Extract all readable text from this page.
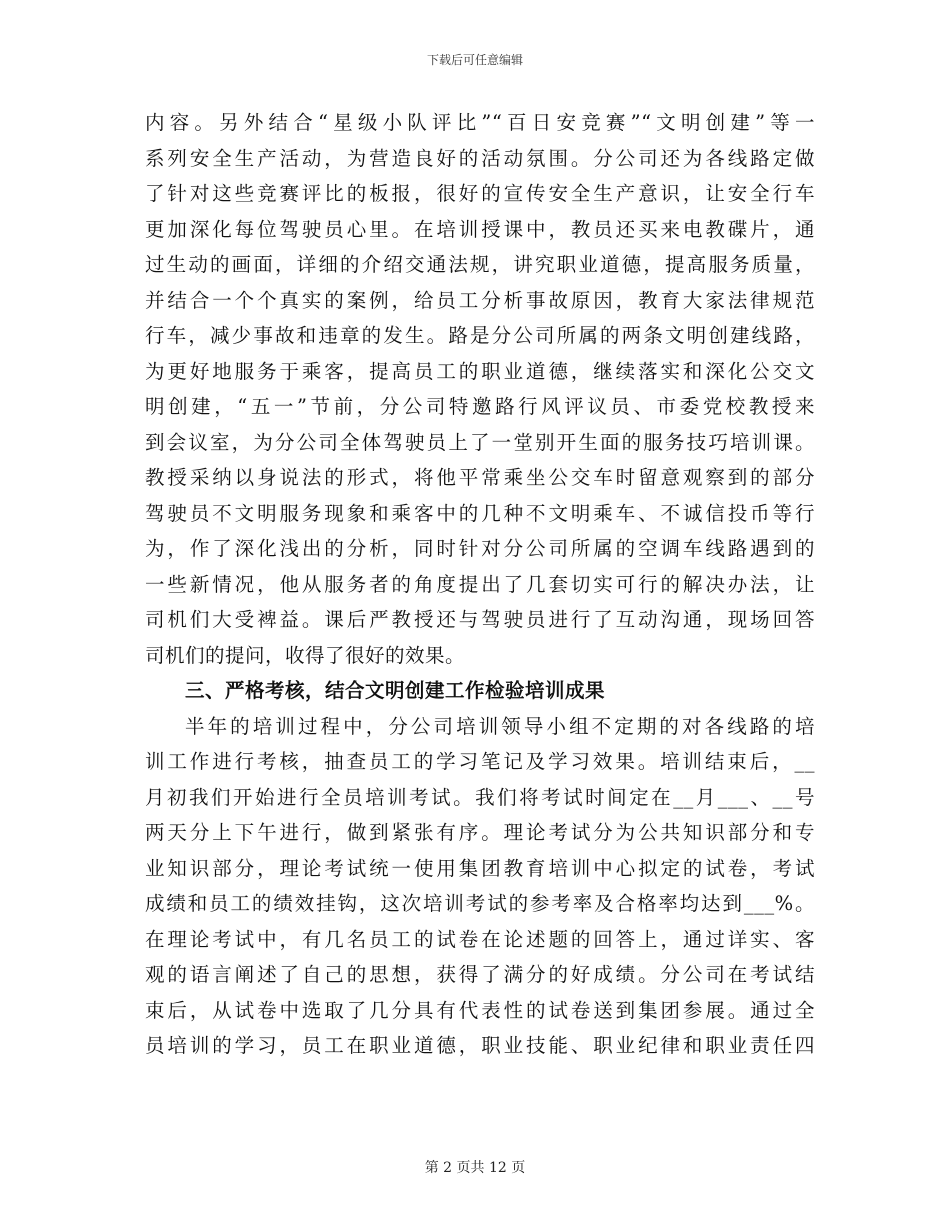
下载后可任意编辑
内容。另外结合“星级小队评比”“百日安竞赛”“文明创建”等一
系列安全生产活动，为营造良好的活动氛围。分公司还为各线路定做
了针对这些竞赛评比的板报，很好的宣传安全生产意识，让安全行车
更加深化每位驾驶员心里。在培训授课中，教员还买来电教碟片，通
过生动的画面，详细的介绍交通法规，讲究职业道德，提高服务质量，
并结合一个个真实的案例，给员工分析事故原因，教育大家法律规范
行车，减少事故和违章的发生。路是分公司所属的两条文明创建线路，
为更好地服务于乘客，提高员工的职业道德，继续落实和深化公交文
明创建，“五一”节前，分公司特邀路行风评议员、市委党校教授来
到会议室，为分公司全体驾驶员上了一堂别开生面的服务技巧培训课。
教授采纳以身说法的形式，将他平常乘坐公交车时留意观察到的部分
驾驶员不文明服务现象和乘客中的几种不文明乘车、不诚信投币等行
为，作了深化浅出的分析，同时针对分公司所属的空调车线路遇到的
一些新情况，他从服务者的角度提出了几套切实可行的解决办法，让
司机们大受裨益。课后严教授还与驾驶员进行了互动沟通，现场回答
司机们的提问，收得了很好的效果。
三、严格考核，结合文明创建工作检验培训成果
半年的培训过程中，分公司培训领导小组不定期的对各线路的培
训工作进行考核，抽查员工的学习笔记及学习效果。培训结束后，__
月初我们开始进行全员培训考试。我们将考试时间定在__月___、__号
两天分上下午进行，做到紧张有序。理论考试分为公共知识部分和专
业知识部分，理论考试统一使用集团教育培训中心拟定的试卷，考试
成绩和员工的绩效挂钩，这次培训考试的参考率及合格率均达到___%。
在理论考试中，有几名员工的试卷在论述题的回答上，通过详实、客
观的语言阐述了自己的思想，获得了满分的好成绩。分公司在考试结
束后，从试卷中选取了几分具有代表性的试卷送到集团参展。通过全
员培训的学习，员工在职业道德，职业技能、职业纪律和职业责任四
第 2 页共 12 页
